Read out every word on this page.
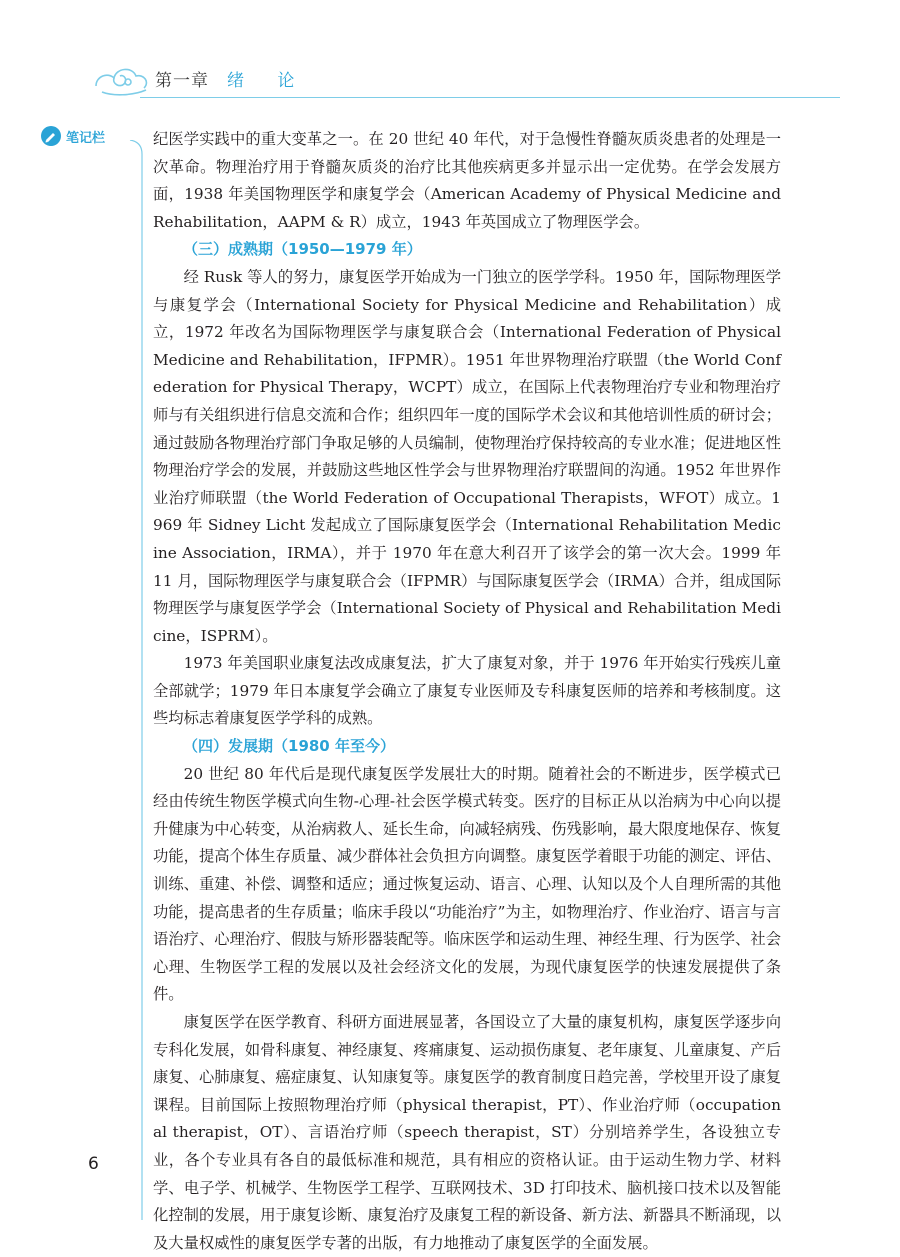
第一章 绪 论
笔记栏	纪医学实践中的重大变革之一。在 20 世纪 40 年代，对于急慢性脊髓灰质炎患者的处理是一次革命。物理治疗用于脊髓灰质炎的治疗比其他疾病更多并显示出一定优势。在学会发展方面，1938 年美国物理医学和康复学会（American Academy of Physical Medicine and Rehabilitation，AAPM & R）成立，1943 年英国成立了物理医学会。

（三）成熟期（1950—1979 年）

经 Rusk 等人的努力，康复医学开始成为一门独立的医学学科。1950 年，国际物理医学与康复学会（International Society for Physical Medicine and Rehabilitation）成立，1972 年改名为国际物理医学与康复联合会（International Federation of Physical Medicine and Rehabilitation，IFPMR）。1951 年世界物理治疗联盟（the World Confederation for Physical Therapy，WCPT）成立，在国际上代表物理治疗专业和物理治疗师与有关组织进行信息交流和合作；组织四年一度的国际学术会议和其他培训性质的研讨会；通过鼓励各物理治疗部门争取足够的人员编制，使物理治疗保持较高的专业水准；促进地区性物理治疗学会的发展，并鼓励这些地区性学会与世界物理治疗联盟间的沟通。1952 年世界作业治疗师联盟（the World Federation of Occupational Therapists，WFOT）成立。1969 年 Sidney Licht 发起成立了国际康复医学会（International Rehabilitation Medicine Association，IRMA），并于 1970 年在意大利召开了该学会的第一次大会。1999 年 11 月，国际物理医学与康复联合会（IFPMR）与国际康复医学会（IRMA）合并，组成国际物理医学与康复医学学会（International Society of Physical and Rehabilitation Medicine，ISPRM）。

1973 年美国职业康复法改成康复法，扩大了康复对象，并于 1976 年开始实行残疾儿童全部就学；1979 年日本康复学会确立了康复专业医师及专科康复医师的培养和考核制度。这些均标志着康复医学学科的成熟。

（四）发展期（1980 年至今）

20 世纪 80 年代后是现代康复医学发展壮大的时期。随着社会的不断进步，医学模式已经由传统生物医学模式向生物-心理-社会医学模式转变。医疗的目标正从以治病为中心向以提升健康为中心转变，从治病救人、延长生命，向减轻病残、伤残影响，最大限度地保存、恢复功能，提高个体生存质量、减少群体社会负担方向调整。康复医学着眼于功能的测定、评估、训练、重建、补偿、调整和适应；通过恢复运动、语言、心理、认知以及个人自理所需的其他功能，提高患者的生存质量；临床手段以“功能治疗”为主，如物理治疗、作业治疗、语言与言语治疗、心理治疗、假肢与矫形器装配等。临床医学和运动生理、神经生理、行为医学、社会心理、生物医学工程的发展以及社会经济文化的发展，为现代康复医学的快速发展提供了条件。

康复医学在医学教育、科研方面进展显著，各国设立了大量的康复机构，康复医学逐步向专科化发展，如骨科康复、神经康复、疼痛康复、运动损伤康复、老年康复、儿童康复、产后康复、心肺康复、癌症康复、认知康复等。康复医学的教育制度日趋完善，学校里开设了康复课程。目前国际上按照物理治疗师（physical therapist，PT）、作业治疗师（occupational therapist，OT）、言语治疗师（speech therapist，ST）分别培养学生，各设独立专业，各个专业具有各自的最低标准和规范，具有相应的资格认证。由于运动生物力学、材料学、电子学、机械学、生物医学工程学、互联网技术、3D 打印技术、脑机接口技术以及智能化控制的发展，用于康复诊断、康复治疗及康复工程的新设备、新方法、新器具不断涌现，以及大量权威性的康复医学专著的出版，有力地推动了康复医学的全面发展。

6
